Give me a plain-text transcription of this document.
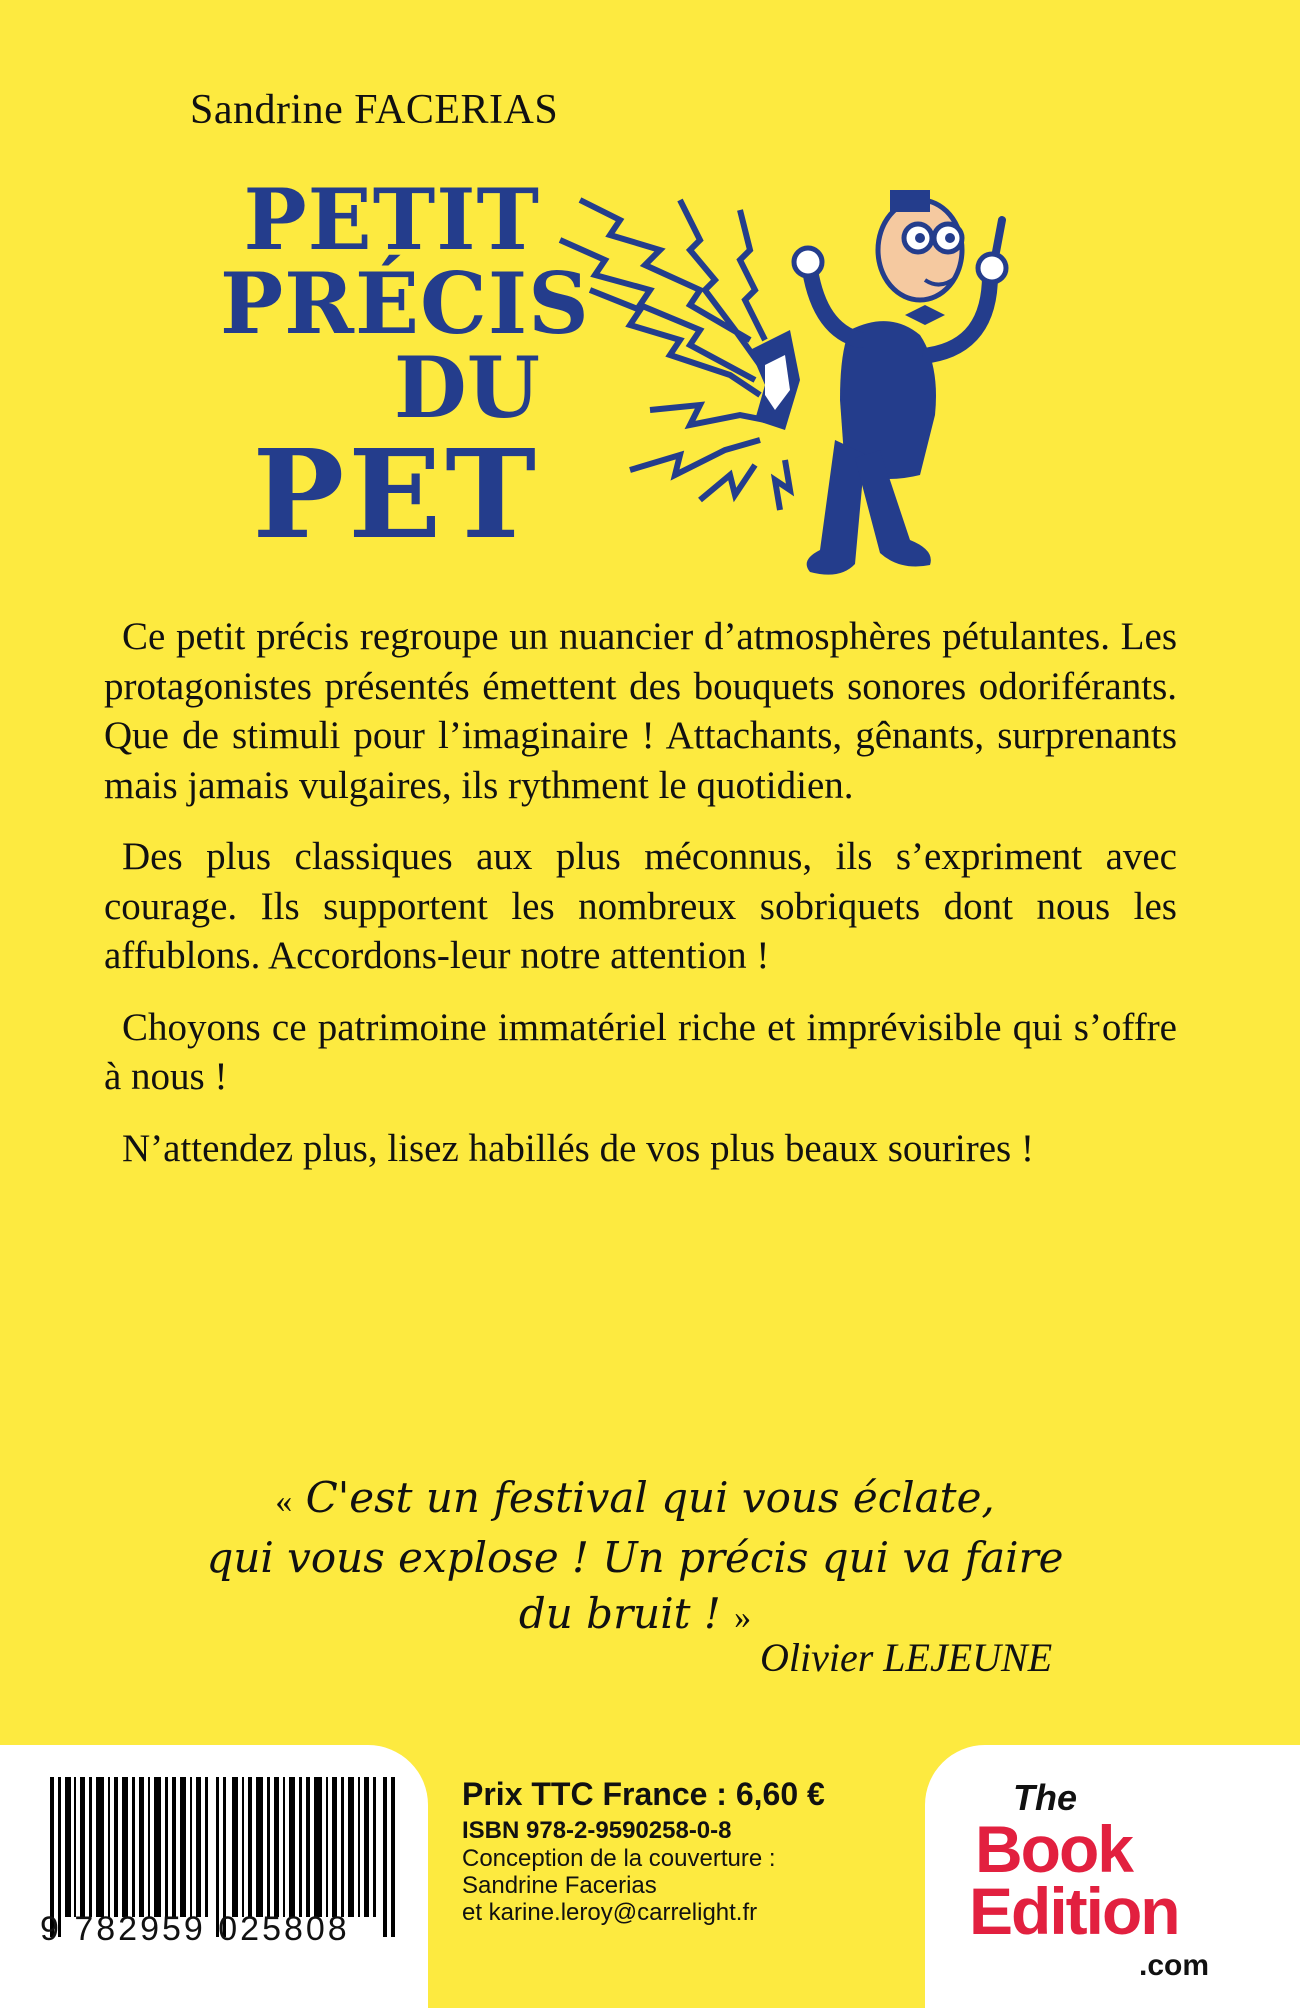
Sandrine FACERIAS
PETIT
PRÉCIS
DU
PET

Ce petit précis regroupe un nuancier d’atmosphères pétulantes. Les protagonistes présentés émettent des bouquets sonores odoriférants. Que de stimuli pour l’imaginaire ! Attachants, gênants, surprenants mais jamais vulgaires, ils rythment le quotidien.

Des plus classiques aux plus méconnus, ils s’expriment avec courage. Ils supportent les nombreux sobriquets dont nous les affublons. Accordons-leur notre attention !

Choyons ce patrimoine immatériel riche et imprévisible qui s’offre à nous !

N’attendez plus, lisez habillés de vos plus beaux sourires !

« C'est un festival qui vous éclate,
qui vous explose ! Un précis qui va faire
du bruit ! »
Olivier LEJEUNE
9 782959 025808
Prix TTC France : 6,60 €
ISBN 978-2-9590258-0-8
Conception de la couverture :
Sandrine Facerias
et karine.leroy@carrelight.fr
The
Book
Edition
.com
